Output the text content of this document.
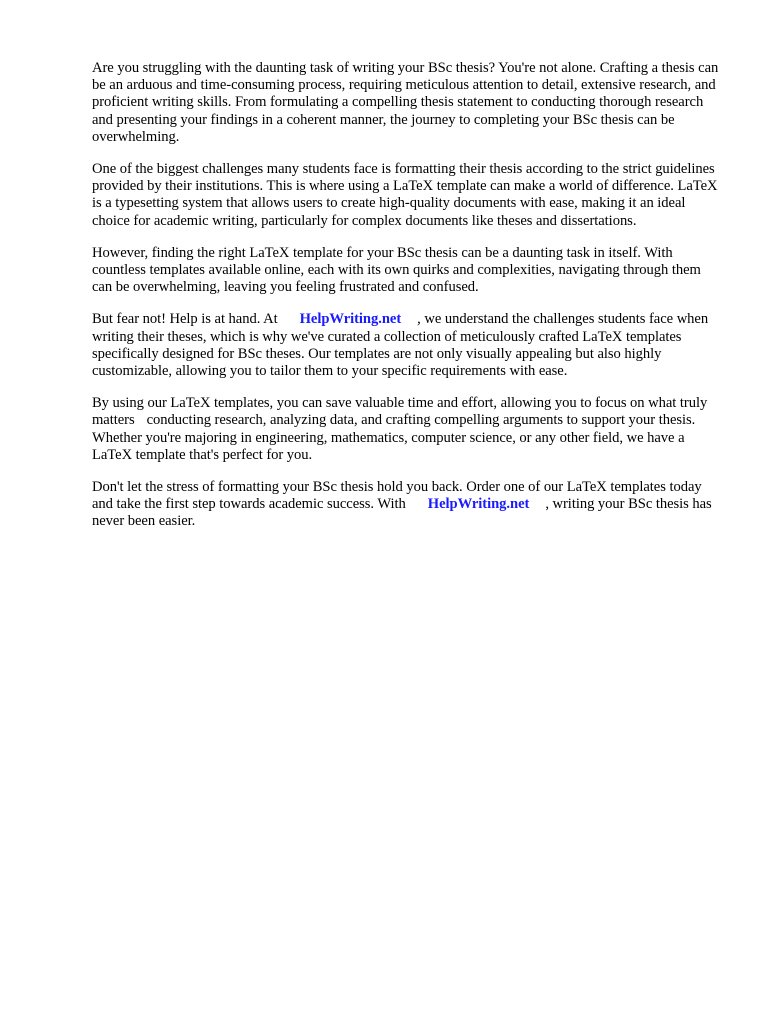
Are you struggling with the daunting task of writing your BSc thesis? You're not alone. Crafting a thesis can be an arduous and time-consuming process, requiring meticulous attention to detail, extensive research, and proficient writing skills. From formulating a compelling thesis statement to conducting thorough research and presenting your findings in a coherent manner, the journey to completing your BSc thesis can be overwhelming.

One of the biggest challenges many students face is formatting their thesis according to the strict guidelines provided by their institutions. This is where using a LaTeX template can make a world of difference. LaTeX is a typesetting system that allows users to create high-quality documents with ease, making it an ideal choice for academic writing, particularly for complex documents like theses and dissertations.

However, finding the right LaTeX template for your BSc thesis can be a daunting task in itself. With countless templates available online, each with its own quirks and complexities, navigating through them can be overwhelming, leaving you feeling frustrated and confused.

But fear not! Help is at hand. At HelpWriting.net , we understand the challenges students face when writing their theses, which is why we've curated a collection of meticulously crafted LaTeX templates specifically designed for BSc theses. Our templates are not only visually appealing but also highly customizable, allowing you to tailor them to your specific requirements with ease.

By using our LaTeX templates, you can save valuable time and effort, allowing you to focus on what truly matters conducting research, analyzing data, and crafting compelling arguments to support your thesis. Whether you're majoring in engineering, mathematics, computer science, or any other field, we have a LaTeX template that's perfect for you.

Don't let the stress of formatting your BSc thesis hold you back. Order one of our LaTeX templates today and take the first step towards academic success. With HelpWriting.net , writing your BSc thesis has never been easier.
